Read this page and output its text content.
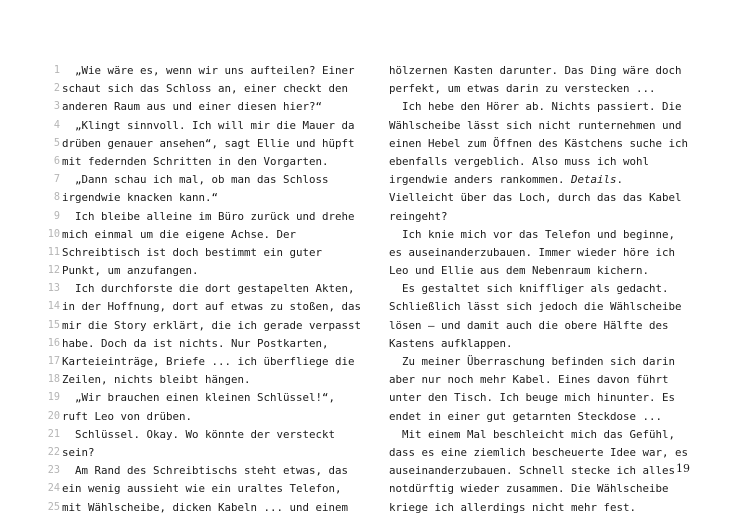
1 „Wie wäre es, wenn wir uns aufteilen? Einer
2 schaut sich das Schloss an, einer checkt den
3 anderen Raum aus und einer diesen hier?“
4 „Klingt sinnvoll. Ich will mir die Mauer da
5 drüben genauer ansehen“, sagt Ellie und hüpft
6 mit federnden Schritten in den Vorgarten.
7 „Dann schau ich mal, ob man das Schloss
8 irgendwie knacken kann.“
9 Ich bleibe alleine im Büro zurück und drehe
10 mich einmal um die eigene Achse. Der
11 Schreibtisch ist doch bestimmt ein guter
12 Punkt, um anzufangen.
13 Ich durchforste die dort gestapelten Akten,
14 in der Hoffnung, dort auf etwas zu stoßen, das
15 mir die Story erklärt, die ich gerade verpasst
16 habe. Doch da ist nichts. Nur Postkarten,
17 Karteieinträge, Briefe ... ich überfliege die
18 Zeilen, nichts bleibt hängen.
19 „Wir brauchen einen kleinen Schlüssel!“,
20 ruft Leo von drüben.
21 Schlüssel. Okay. Wo könnte der versteckt
22 sein?
23 Am Rand des Schreibtischs steht etwas, das
24 ein wenig aussieht wie ein uraltes Telefon,
25 mit Wählscheibe, dicken Kabeln ... und einem
hölzernen Kasten darunter. Das Ding wäre doch
perfekt, um etwas darin zu verstecken ...
Ich hebe den Hörer ab. Nichts passiert. Die
Wählscheibe lässt sich nicht runternehmen und
einen Hebel zum Öffnen des Kästchens suche ich
ebenfalls vergeblich. Also muss ich wohl
irgendwie anders rankommen. Details.
Vielleicht über das Loch, durch das das Kabel
reingeht?
Ich knie mich vor das Telefon und beginne,
es auseinanderzubauen. Immer wieder höre ich
Leo und Ellie aus dem Nebenraum kichern.
Es gestaltet sich kniffliger als gedacht.
Schließlich lässt sich jedoch die Wählscheibe
lösen – und damit auch die obere Hälfte des
Kastens aufklappen.
Zu meiner Überraschung befinden sich darin
aber nur noch mehr Kabel. Eines davon führt
unter den Tisch. Ich beuge mich hinunter. Es
endet in einer gut getarnten Steckdose ...
Mit einem Mal beschleicht mich das Gefühl,
dass es eine ziemlich bescheuerte Idee war, es
auseinanderzubauen. Schnell stecke ich alles
notdürftig wieder zusammen. Die Wählscheibe
kriege ich allerdings nicht mehr fest.
19
